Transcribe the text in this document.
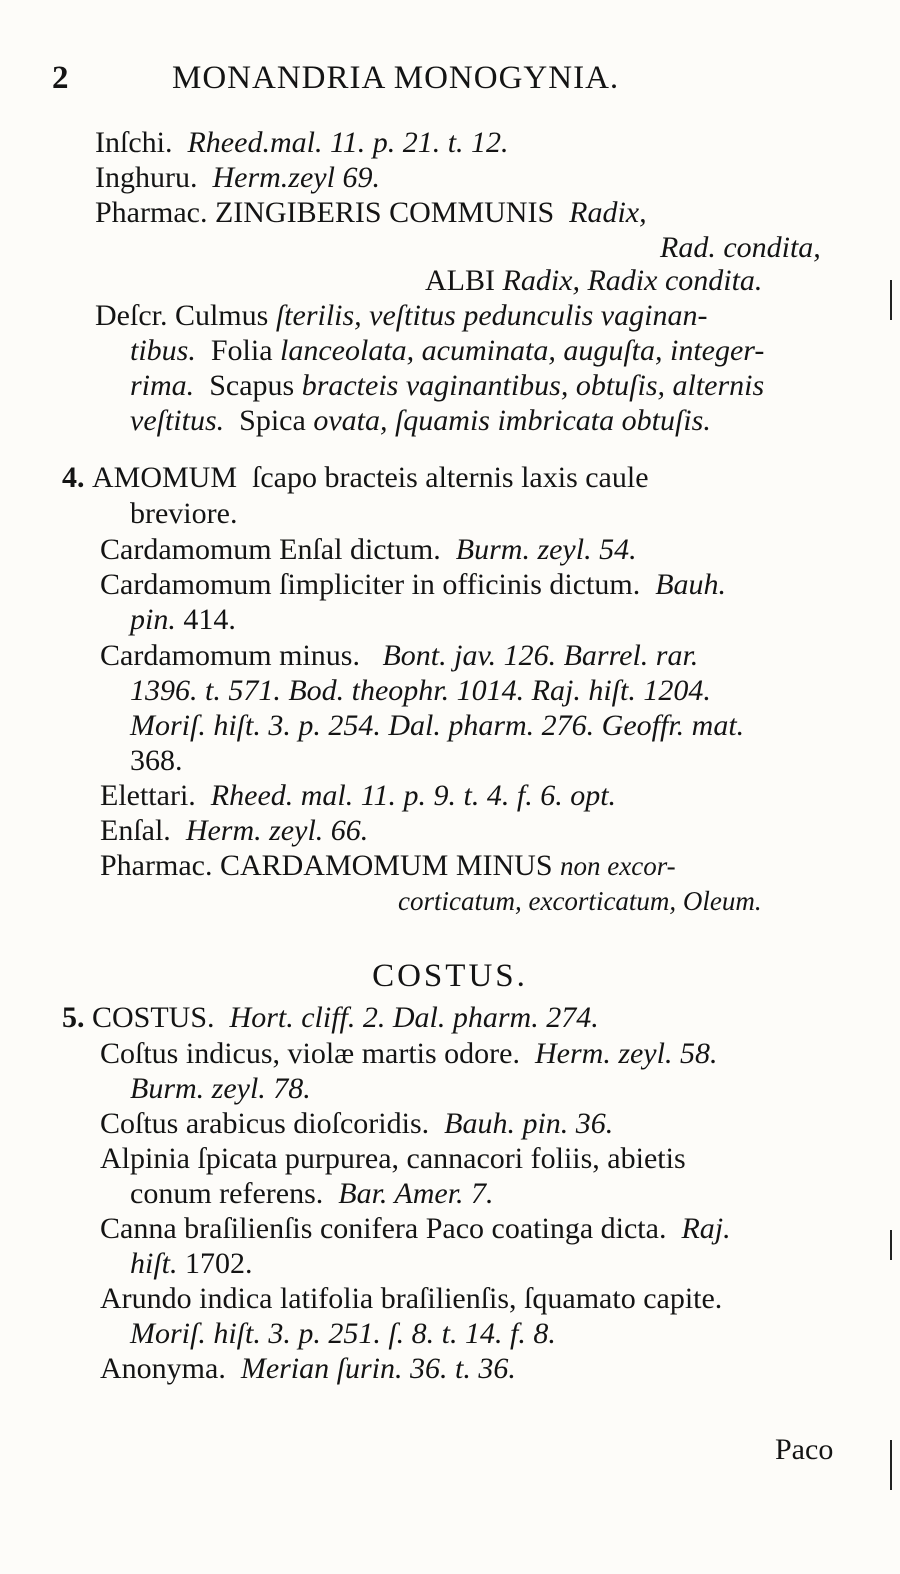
2	MONANDRIA MONOGYNIA.
Inſchi. Rheed.mal. 11. p. 21. t. 12.
Inghuru. Herm.zeyl 69.
Pharmac. ZINGIBERIS COMMUNIS Radix,
Rad. condita,
ALBI Radix, Radix condita.
Deſcr. Culmus ſterilis, veſtitus pedunculis vaginan-
tibus. Folia lanceolata, acuminata, auguſta, integer-
rima. Scapus bracteis vaginantibus, obtuſis, alternis
veſtitus. Spica ovata, ſquamis imbricata obtuſis.
4. AMOMUM ſcapo bracteis alternis laxis caule
breviore.
Cardamomum Enſal dictum. Burm. zeyl. 54.
Cardamomum ſimpliciter in officinis dictum. Bauh.
pin. 414.
Cardamomum minus. Bont. jav. 126. Barrel. rar.
1396. t. 571. Bod. theophr. 1014. Raj. hiſt. 1204.
Moriſ. hiſt. 3. p. 254. Dal. pharm. 276. Geoffr. mat.
368.
Elettari. Rheed. mal. 11. p. 9. t. 4. f. 6. opt.
Enſal. Herm. zeyl. 66.
Pharmac. CARDAMOMUM MINUS non excor-
corticatum, excorticatum, Oleum.
COSTUS.
5. COSTUS. Hort. cliff. 2. Dal. pharm. 274.
Coſtus indicus, violæ martis odore. Herm. zeyl. 58.
Burm. zeyl. 78.
Coſtus arabicus dioſcoridis. Bauh. pin. 36.
Alpinia ſpicata purpurea, cannacori foliis, abietis
conum referens. Bar. Amer. 7.
Canna braſilienſis conifera Paco coatinga dicta. Raj.
hiſt. 1702.
Arundo indica latifolia braſilienſis, ſquamato capite.
Moriſ. hiſt. 3. p. 251. ſ. 8. t. 14. f. 8.
Anonyma. Merian ſurin. 36. t. 36.
Paco
